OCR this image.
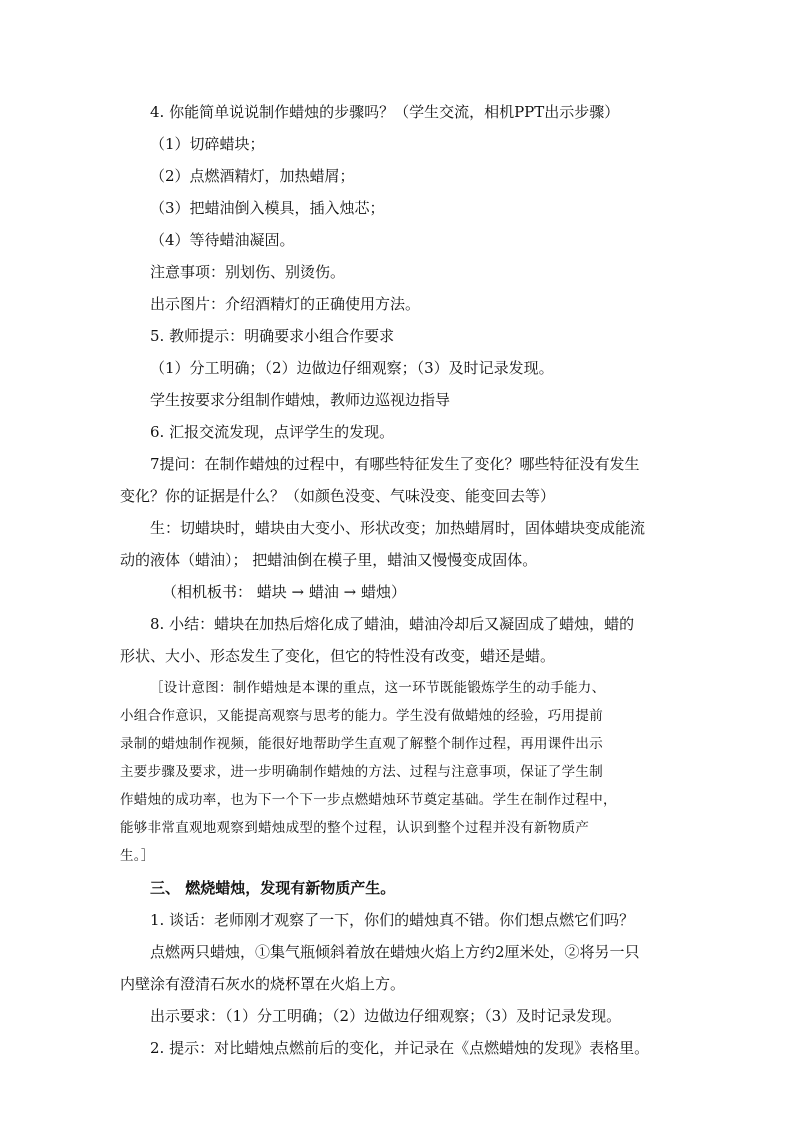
4. 你能简单说说制作蜡烛的步骤吗？（学生交流，相机PPT出示步骤）
（1）切碎蜡块；
（2）点燃酒精灯，加热蜡屑；
（3）把蜡油倒入模具，插入烛芯；
（4）等待蜡油凝固。
注意事项：别划伤、别烫伤。
出示图片：介绍酒精灯的正确使用方法。
5. 教师提示：明确要求小组合作要求
（1）分工明确；（2）边做边仔细观察；（3）及时记录发现。
学生按要求分组制作蜡烛，教师边巡视边指导
6. 汇报交流发现，点评学生的发现。
7提问：在制作蜡烛的过程中，有哪些特征发生了变化？哪些特征没有发生
变化？你的证据是什么？（如颜色没变、气味没变、能变回去等）
生：切蜡块时，蜡块由大变小、形状改变；加热蜡屑时，固体蜡块变成能流
动的液体（蜡油）； 把蜡油倒在模子里，蜡油又慢慢变成固体。
（相机板书： 蜡块 → 蜡油 → 蜡烛）
8. 小结：蜡块在加热后熔化成了蜡油，蜡油冷却后又凝固成了蜡烛，蜡的
形状、大小、形态发生了变化，但它的特性没有改变，蜡还是蜡。
［设计意图：制作蜡烛是本课的重点，这一环节既能锻炼学生的动手能力、
小组合作意识，又能提高观察与思考的能力。学生没有做蜡烛的经验，巧用提前
录制的蜡烛制作视频，能很好地帮助学生直观了解整个制作过程，再用课件出示
主要步骤及要求，进一步明确制作蜡烛的方法、过程与注意事项，保证了学生制
作蜡烛的成功率，也为下一个下一步点燃蜡烛环节奠定基础。学生在制作过程中，
能够非常直观地观察到蜡烛成型的整个过程，认识到整个过程并没有新物质产
生。］
三、 燃烧蜡烛，发现有新物质产生。
1. 谈话：老师刚才观察了一下，你们的蜡烛真不错。你们想点燃它们吗？
点燃两只蜡烛，①集气瓶倾斜着放在蜡烛火焰上方约2厘米处，②将另一只
内壁涂有澄清石灰水的烧杯罩在火焰上方。
出示要求：（1）分工明确；（2）边做边仔细观察；（3）及时记录发现。
2. 提示：对比蜡烛点燃前后的变化，并记录在《点燃蜡烛的发现》表格里。
